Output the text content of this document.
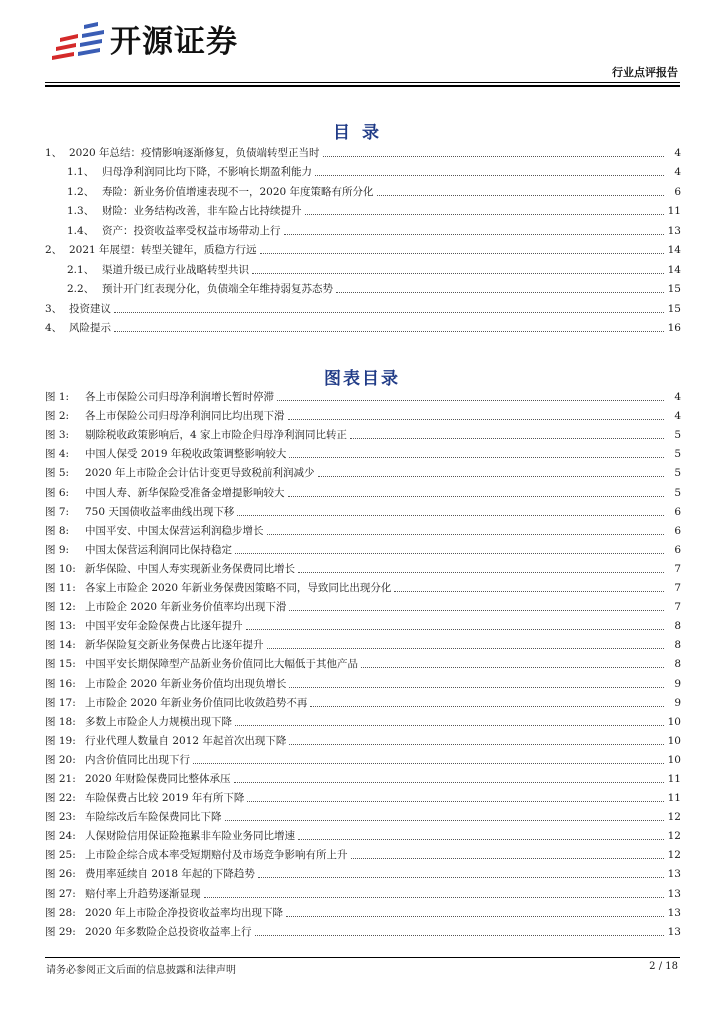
开源证券
行业点评报告
目录
1、 2020 年总结：疫情影响逐渐修复，负债端转型正当时	4
1.1、 归母净利润同比均下降，不影响长期盈利能力	4
1.2、 寿险：新业务价值增速表现不一，2020 年度策略有所分化	6
1.3、 财险：业务结构改善，非车险占比持续提升	11
1.4、 资产：投资收益率受权益市场带动上行	13
2、 2021 年展望：转型关键年，质稳方行远	14
2.1、 渠道升级已成行业战略转型共识	14
2.2、 预计开门红表现分化，负债端全年维持弱复苏态势	15
3、 投资建议	15
4、 风险提示	16
图表目录
图 1:	各上市保险公司归母净利润增长暂时停滞	4
图 2:	各上市保险公司归母净利润同比均出现下滑	4
图 3:	剔除税收政策影响后，4 家上市险企归母净利润同比转正	5
图 4:	中国人保受 2019 年税收政策调整影响较大	5
图 5:	2020 年上市险企会计估计变更导致税前利润减少	5
图 6:	中国人寿、新华保险受准备金增提影响较大	5
图 7:	750 天国债收益率曲线出现下移	6
图 8:	中国平安、中国太保营运利润稳步增长	6
图 9:	中国太保营运利润同比保持稳定	6
图 10: 新华保险、中国人寿实现新业务保费同比增长	7
图 11: 各家上市险企 2020 年新业务保费因策略不同，导致同比出现分化	7
图 12: 上市险企 2020 年新业务价值率均出现下滑	7
图 13: 中国平安年金险保费占比逐年提升	8
图 14: 新华保险复交新业务保费占比逐年提升	8
图 15: 中国平安长期保障型产品新业务价值同比大幅低于其他产品	8
图 16: 上市险企 2020 年新业务价值均出现负增长	9
图 17: 上市险企 2020 年新业务价值同比收敛趋势不再	9
图 18: 多数上市险企人力规模出现下降	10
图 19: 行业代理人数量自 2012 年起首次出现下降	10
图 20: 内含价值同比出现下行	10
图 21: 2020 年财险保费同比整体承压	11
图 22: 车险保费占比较 2019 年有所下降	11
图 23: 车险综改后车险保费同比下降	12
图 24: 人保财险信用保证险拖累非车险业务同比增速	12
图 25: 上市险企综合成本率受短期赔付及市场竞争影响有所上升	12
图 26: 费用率延续自 2018 年起的下降趋势	13
图 27: 赔付率上升趋势逐渐显现	13
图 28: 2020 年上市险企净投资收益率均出现下降	13
图 29: 2020 年多数险企总投资收益率上行	13
请务必参阅正文后面的信息披露和法律声明	2 / 18
